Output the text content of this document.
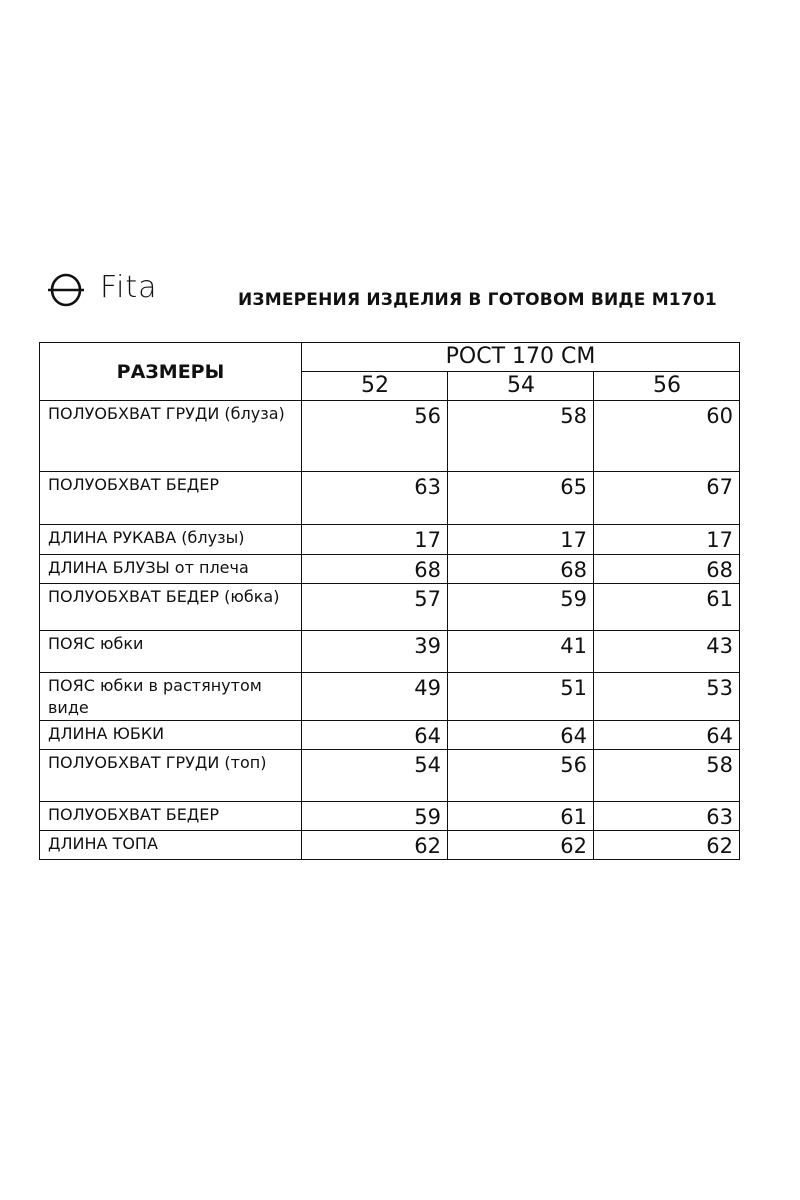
Fita	ИЗМЕРЕНИЯ ИЗДЕЛИЯ В ГОТОВОМ ВИДЕ М1701
РАЗМЕРЫ	РОСТ 170 СМ		
	52	54	56
ПОЛУОБХВАТ ГРУДИ (блуза)	56	58	60
ПОЛУОБХВАТ БЕДЕР	63	65	67
ДЛИНА РУКАВА (блузы)	17	17	17
ДЛИНА БЛУЗЫ от плеча	68	68	68
ПОЛУОБХВАТ БЕДЕР (юбка)	57	59	61
ПОЯС юбки	39	41	43
ПОЯС юбки в растянутом виде	49	51	53
ДЛИНА ЮБКИ	64	64	64
ПОЛУОБХВАТ ГРУДИ (топ)	54	56	58
ПОЛУОБХВАТ БЕДЕР	59	61	63
ДЛИНА ТОПА	62	62	62
